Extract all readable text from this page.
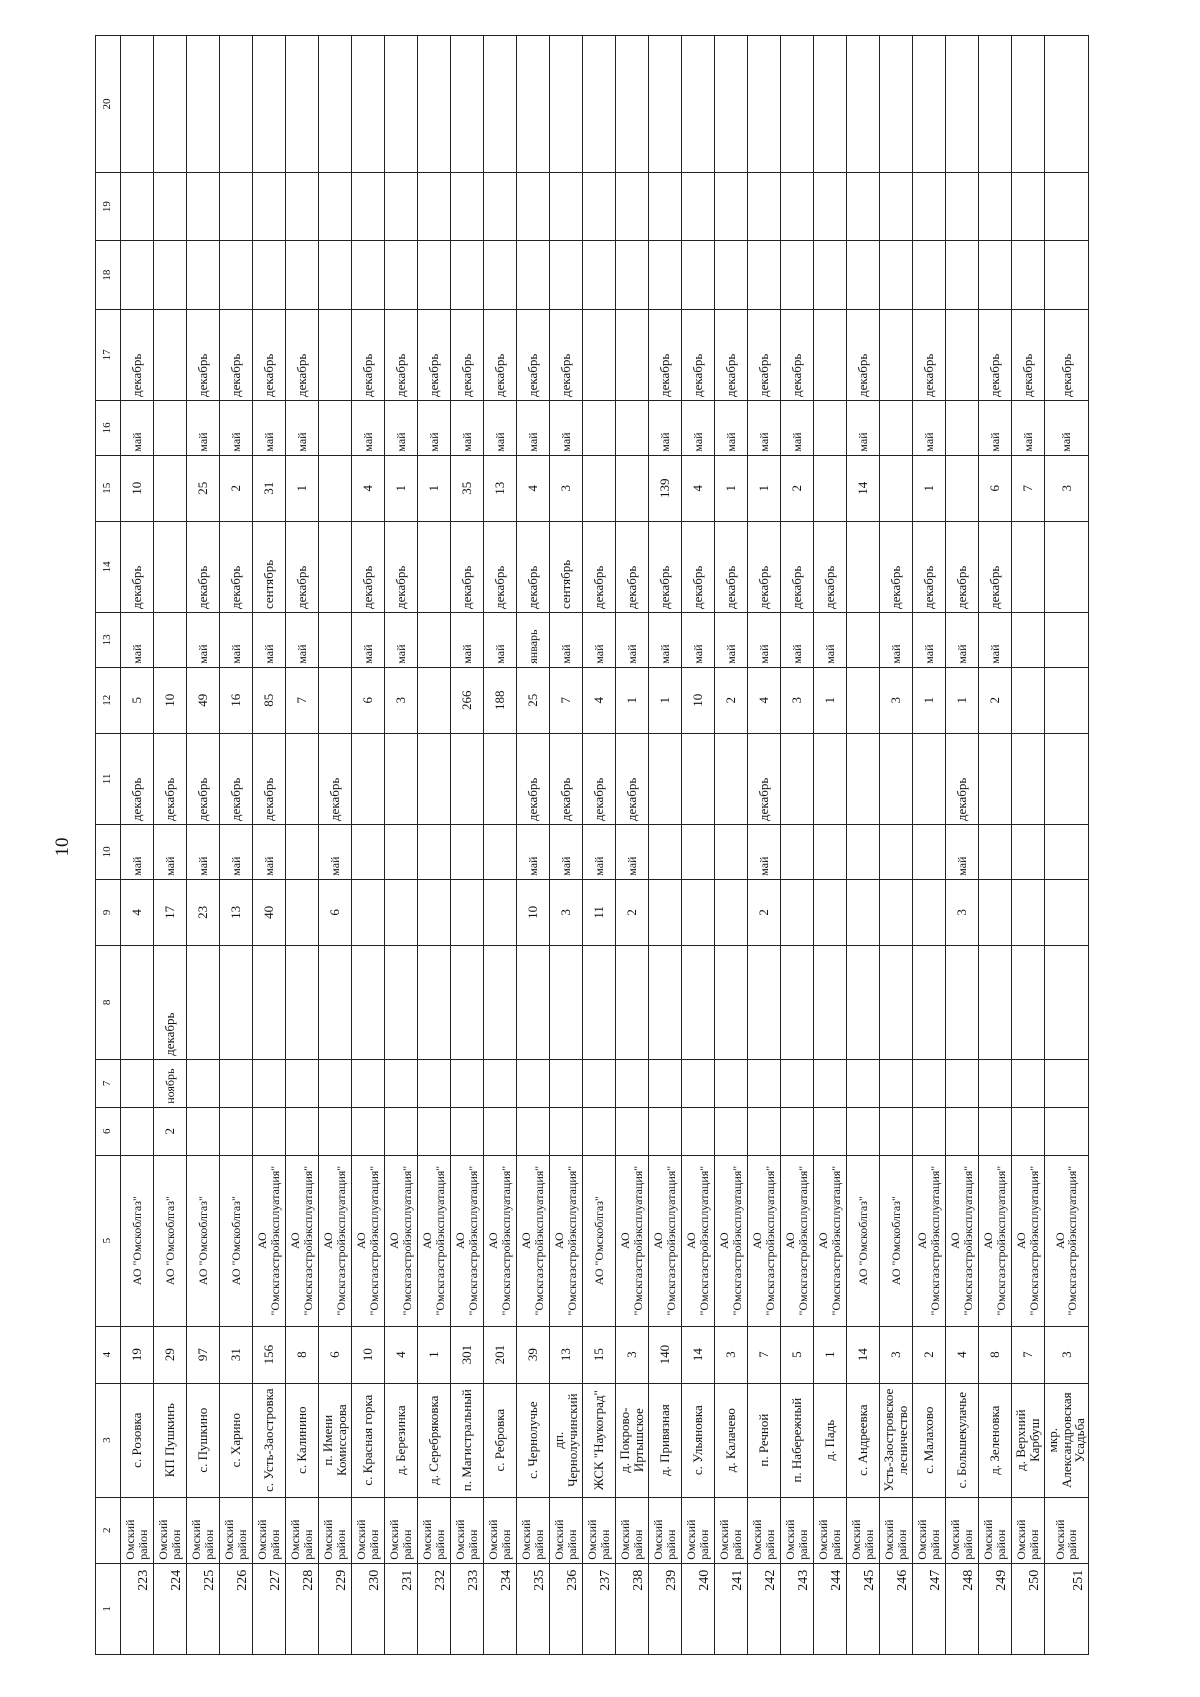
10
1	2	3	4	5	6	7	8	9	10	11	12	13	14	15	16	17	18	19	20
223	Омский район	с. Розовка	19	АО "Омскоблгаз"				4	май	декабрь	5	май	декабрь	10	май	декабрь			
224	Омский район	КП Пушкинъ	29	АО "Омскоблгаз"	2	ноябрь	декабрь	17	май	декабрь	10								
225	Омский район	с. Пушкино	97	АО "Омскоблгаз"				23	май	декабрь	49	май	декабрь	25	май	декабрь			
226	Омский район	с. Харино	31	АО "Омскоблгаз"				13	май	декабрь	16	май	декабрь	2	май	декабрь			
227	Омский район	с. Усть-Заостровка	156	АО "Омскгазстройэксплуатация"				40	май	декабрь	85	май	сентябрь	31	май	декабрь			
228	Омский район	с. Калинино	8	АО "Омскгазстройэксплуатация"							7	май	декабрь	1	май	декабрь			
229	Омский район	п. Имени Комиссарова	6	АО "Омскгазстройэксплуатация"				6	май	декабрь									
230	Омский район	с. Красная горка	10	АО "Омскгазстройэксплуатация"							6	май	декабрь	4	май	декабрь			
231	Омский район	д. Березинка	4	АО "Омскгазстройэксплуатация"							3	май	декабрь	1	май	декабрь			
232	Омский район	д. Серебряковка	1	АО "Омскгазстройэксплуатация"										1	май	декабрь			
233	Омский район	п. Магистральный	301	АО "Омскгазстройэксплуатация"							266	май	декабрь	35	май	декабрь			
234	Омский район	с. Ребровка	201	АО "Омскгазстройэксплуатация"							188	май	декабрь	13	май	декабрь			
235	Омский район	с. Чернолучье	39	АО "Омскгазстройэксплуатация"				10	май	декабрь	25	январь	декабрь	4	май	декабрь			
236	Омский район	дп. Чернолучинский	13	АО "Омскгазстройэксплуатация"				3	май	декабрь	7	май	сентябрь	3	май	декабрь			
237	Омский район	ЖСК "Наукоград"	15	АО "Омскоблгаз"				11	май	декабрь	4	май	декабрь						
238	Омский район	д. Покрово-Иртышское	3	АО "Омскгазстройэксплуатация"				2	май	декабрь	1	май	декабрь						
239	Омский район	д. Привязная	140	АО "Омскгазстройэксплуатация"							1	май	декабрь	139	май	декабрь			
240	Омский район	с. Ульяновка	14	АО "Омскгазстройэксплуатация"							10	май	декабрь	4	май	декабрь			
241	Омский район	д. Калачево	3	АО "Омскгазстройэксплуатация"							2	май	декабрь	1	май	декабрь			
242	Омский район	п. Речной	7	АО "Омскгазстройэксплуатация"				2	май	декабрь	4	май	декабрь	1	май	декабрь			
243	Омский район	п. Набережный	5	АО "Омскгазстройэксплуатация"							3	май	декабрь	2	май	декабрь			
244	Омский район	д. Падь	1	АО "Омскгазстройэксплуатация"							1	май	декабрь						
245	Омский район	с. Андреевка	14	АО "Омскоблгаз"										14	май	декабрь			
246	Омский район	Усть-Заостровское лесничество	3	АО "Омскоблгаз"							3	май	декабрь						
247	Омский район	с. Малахово	2	АО "Омскгазстройэксплуатация"							1	май	декабрь	1	май	декабрь			
248	Омский район	с. Большекулачье	4	АО "Омскгазстройэксплуатация"				3	май	декабрь	1	май	декабрь						
249	Омский район	д. Зеленовка	8	АО "Омскгазстройэксплуатация"							2	май	декабрь	6	май	декабрь			
250	Омский район	д. Верхний Карбуш	7	АО "Омскгазстройэксплуатация"										7	май	декабрь			
251	Омский район	мкр. Александровская Усадьба	3	АО "Омскгазстройэксплуатация"										3	май	декабрь			
